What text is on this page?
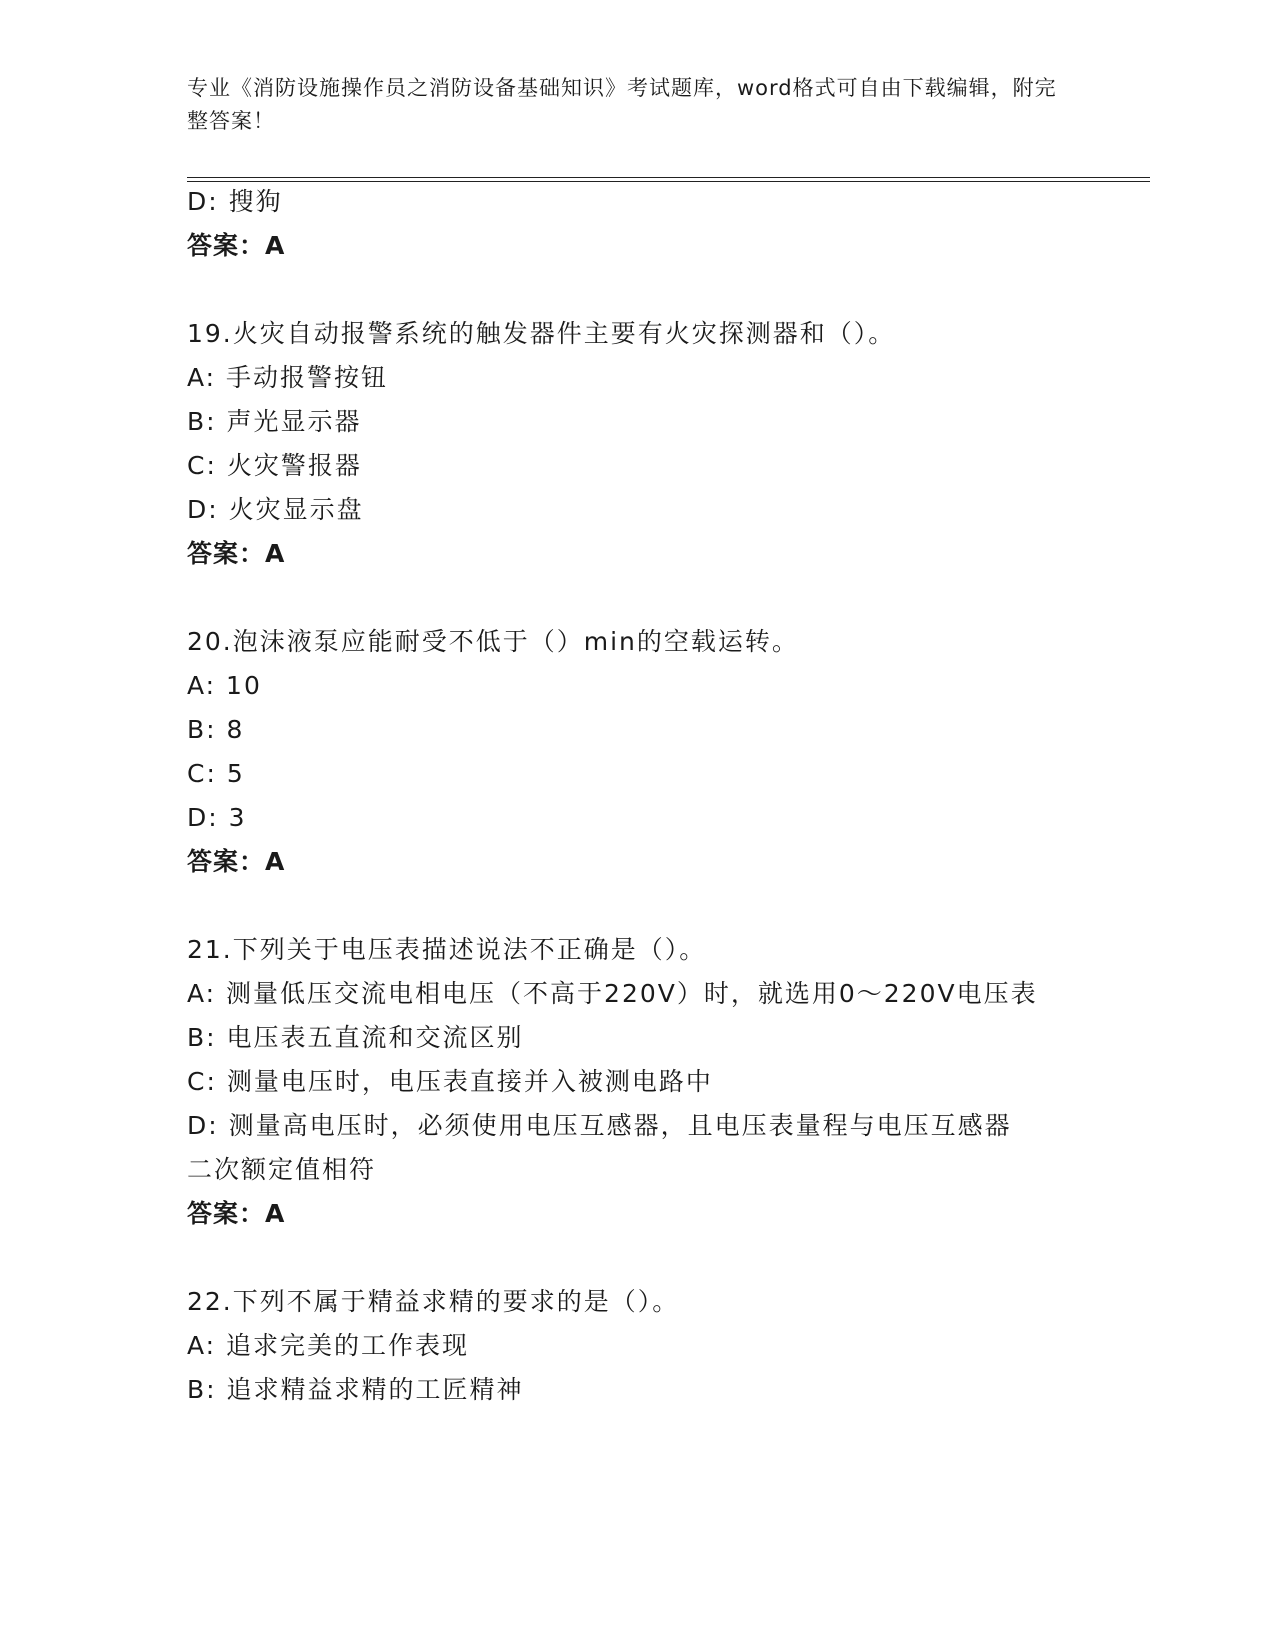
专业《消防设施操作员之消防设备基础知识》考试题库，word格式可自由下载编辑，附完整答案！
D: 搜狗
答案：A
19.火灾自动报警系统的触发器件主要有火灾探测器和（）。
A: 手动报警按钮
B: 声光显示器
C: 火灾警报器
D: 火灾显示盘
答案：A
20.泡沫液泵应能耐受不低于（）min的空载运转。
A: 10
B: 8
C: 5
D: 3
答案：A
21.下列关于电压表描述说法不正确是（）。
A: 测量低压交流电相电压（不高于220V）时，就选用0～220V电压表
B: 电压表五直流和交流区别
C: 测量电压时，电压表直接并入被测电路中
D: 测量高电压时，必须使用电压互感器，且电压表量程与电压互感器
二次额定值相符
答案：A
22.下列不属于精益求精的要求的是（）。
A: 追求完美的工作表现
B: 追求精益求精的工匠精神
